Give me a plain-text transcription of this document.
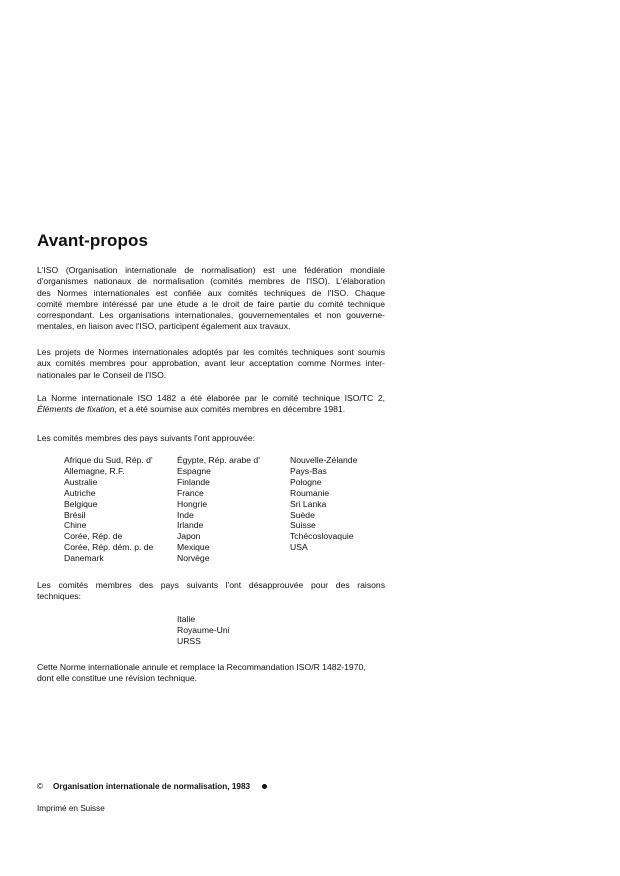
Avant-propos

L'ISO (Organisation internationale de normalisation) est une fédération mondiale
d'organismes nationaux de normalisation (comités membres de l'ISO). L'élaboration
des Normes internationales est confiée aux comités techniques de l'ISO. Chaque
comité membre intéressé par une étude a le droit de faire partie du comité technique
correspondant. Les organisations internationales, gouvernementales et non gouverne-
mentales, en liaison avec l'ISO, participent également aux travaux.

Les projets de Normes internationales adoptés par les comités techniques sont soumis
aux comités membres pour approbation, avant leur acceptation comme Normes inter-
nationales par le Conseil de l'ISO.

La Norme internationale ISO 1482 a été élaborée par le comité technique ISO/TC 2,
Éléments de fixation, et a été soumise aux comités membres en décembre 1981.

Les comités membres des pays suivants l'ont approuvée:

Afrique du Sud, Rép. d'
Allemagne, R.F.
Australie
Autriche
Belgique
Brésil
Chine
Corée, Rép. de
Corée, Rép. dém. p. de
Danemark
Égypte, Rép. arabe d'
Espagne
Finlande
France
Hongrie
Inde
Irlande
Japon
Mexique
Norvège
Nouvelle-Zélande
Pays-Bas
Pologne
Roumanie
Sri Lanka
Suède
Suisse
Tchécoslovaquie
USA

Les comités membres des pays suivants l'ont désapprouvée pour des raisons
techniques:

Italie
Royaume-Uni
URSS

Cette Norme internationale annule et remplace la Recommandation ISO/R 1482-1970,
dont elle constitue une révision technique.

© Organisation internationale de normalisation, 1983
Imprimé en Suisse
